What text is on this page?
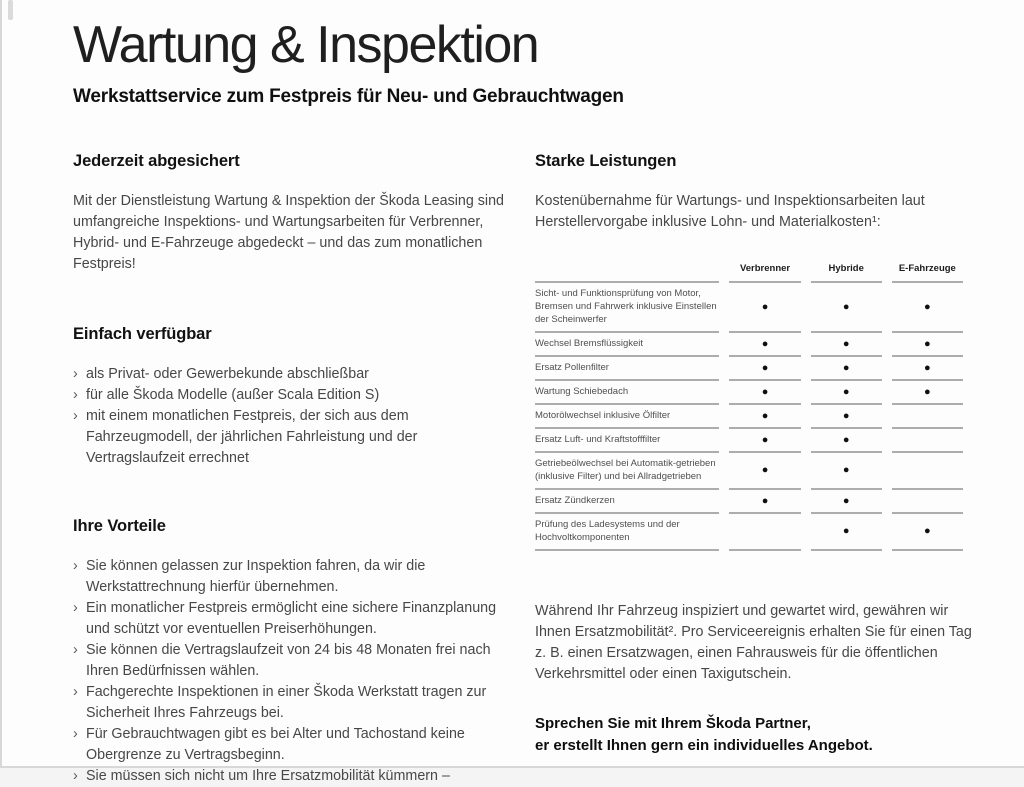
Wartung & Inspektion
Werkstattservice zum Festpreis für Neu- und Gebrauchtwagen
Jederzeit abgesichert

Mit der Dienstleistung Wartung & Inspektion der Škoda Leasing sind umfangreiche Inspektions- und Wartungsarbeiten für Verbrenner, Hybrid- und E-Fahrzeuge abgedeckt – und das zum monatlichen Festpreis!

Einfach verfügbar
› als Privat- oder Gewerbekunde abschließbar
› für alle Škoda Modelle (außer Scala Edition S)
› mit einem monatlichen Festpreis, der sich aus dem Fahrzeugmodell, der jährlichen Fahrleistung und der Vertragslaufzeit errechnet
Ihre Vorteile
› Sie können gelassen zur Inspektion fahren, da wir die Werkstattrechnung hierfür übernehmen.
› Ein monatlicher Festpreis ermöglicht eine sichere Finanzplanung und schützt vor eventuellen Preiserhöhungen.
› Sie können die Vertragslaufzeit von 24 bis 48 Monaten frei nach Ihren Bedürfnissen wählen.
› Fachgerechte Inspektionen in einer Škoda Werkstatt tragen zur Sicherheit Ihres Fahrzeugs bei.
› Für Gebrauchtwagen gibt es bei Alter und Tachostand keine Obergrenze zu Vertragsbeginn.
› Sie müssen sich nicht um Ihre Ersatzmobilität kümmern –
Starke Leistungen

Kostenübernahme für Wartungs- und Inspektionsarbeiten laut Herstellervorgabe inklusive Lohn- und Materialkosten¹:

	Verbrenner	Hybride	E-Fahrzeuge
Sicht- und Funktionsprüfung von Motor, Bremsen und Fahrwerk inklusive Einstellen der Scheinwerfer	●	●	●
Wechsel Bremsflüssigkeit	●	●	●
Ersatz Pollenfilter	●	●	●
Wartung Schiebedach	●	●	●
Motorölwechsel inklusive Ölfilter	●	●	
Ersatz Luft- und Kraftstofffilter	●	●	
Getriebeölwechsel bei Automatik-getrieben (inklusive Filter) und bei Allradgetrieben	●	●	
Ersatz Zündkerzen	●	●	
Prüfung des Ladesystems und der Hochvoltkomponenten		●	●

Während Ihr Fahrzeug inspiziert und gewartet wird, gewähren wir Ihnen Ersatzmobilität². Pro Serviceereignis erhalten Sie für einen Tag z. B. einen Ersatzwagen, einen Fahrausweis für die öffentlichen Verkehrsmittel oder einen Taxigutschein.

Sprechen Sie mit Ihrem Škoda Partner,
er erstellt Ihnen gern ein individuelles Angebot.
